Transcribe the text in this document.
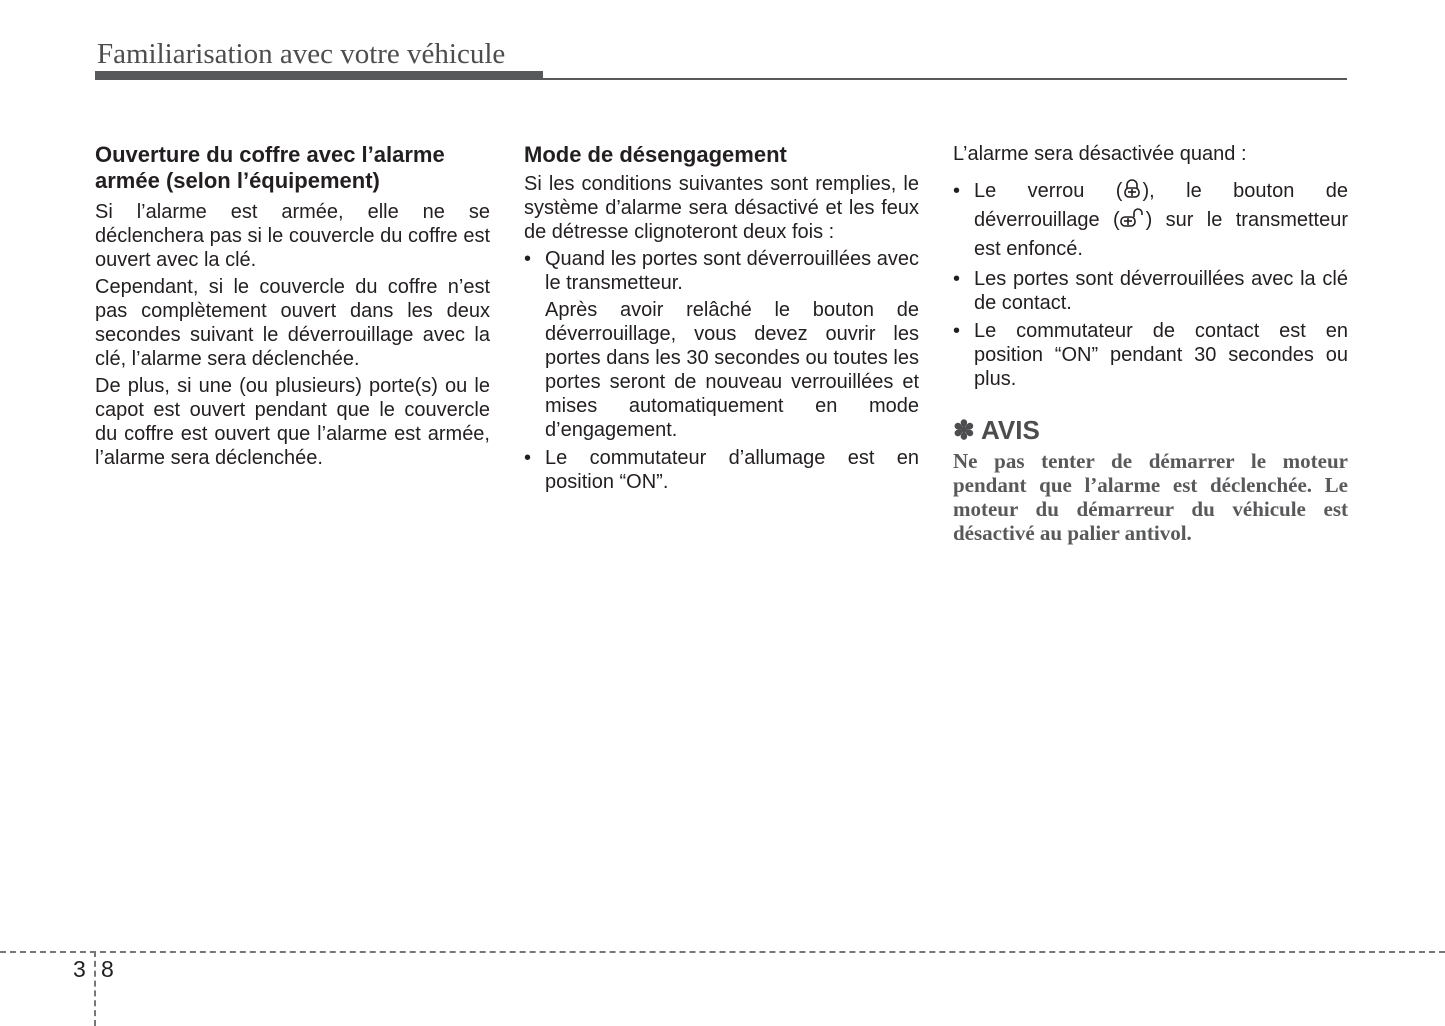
Familiarisation avec votre véhicule
Ouverture du coffre avec l’alarme armée (selon l’équipement)

Si l’alarme est armée, elle ne se déclenchera pas si le couvercle du coffre est ouvert avec la clé.

Cependant, si le couvercle du coffre n’est pas complètement ouvert dans les deux secondes suivant le déverrouillage avec la clé, l’alarme sera déclenchée.

De plus, si une (ou plusieurs) porte(s) ou le capot est ouvert pendant que le couvercle du coffre est ouvert que l’alarme est armée, l’alarme sera déclenchée.

Mode de désengagement

Si les conditions suivantes sont remplies, le système d’alarme sera désactivé et les feux de détresse clignoteront deux fois :

• Quand les portes sont déverrouillées avec le transmetteur.

Après avoir relâché le bouton de déverrouillage, vous devez ouvrir les portes dans les 30 secondes ou toutes les portes seront de nouveau verrouillées et mises automatiquement en mode d’engagement.

• Le commutateur d’allumage est en position “ON”.

L’alarme sera désactivée quand :

• Le verrou ( ), le bouton de déverrouillage ( ) sur le transmetteur est enfoncé.
• Les portes sont déverrouillées avec la clé de contact.
• Le commutateur de contact est en position “ON” pendant 30 secondes ou plus.
✽ AVIS
Ne pas tenter de démarrer le moteur pendant que l’alarme est déclenchée. Le moteur du démarreur du véhicule est désactivé au palier antivol.
3 8
